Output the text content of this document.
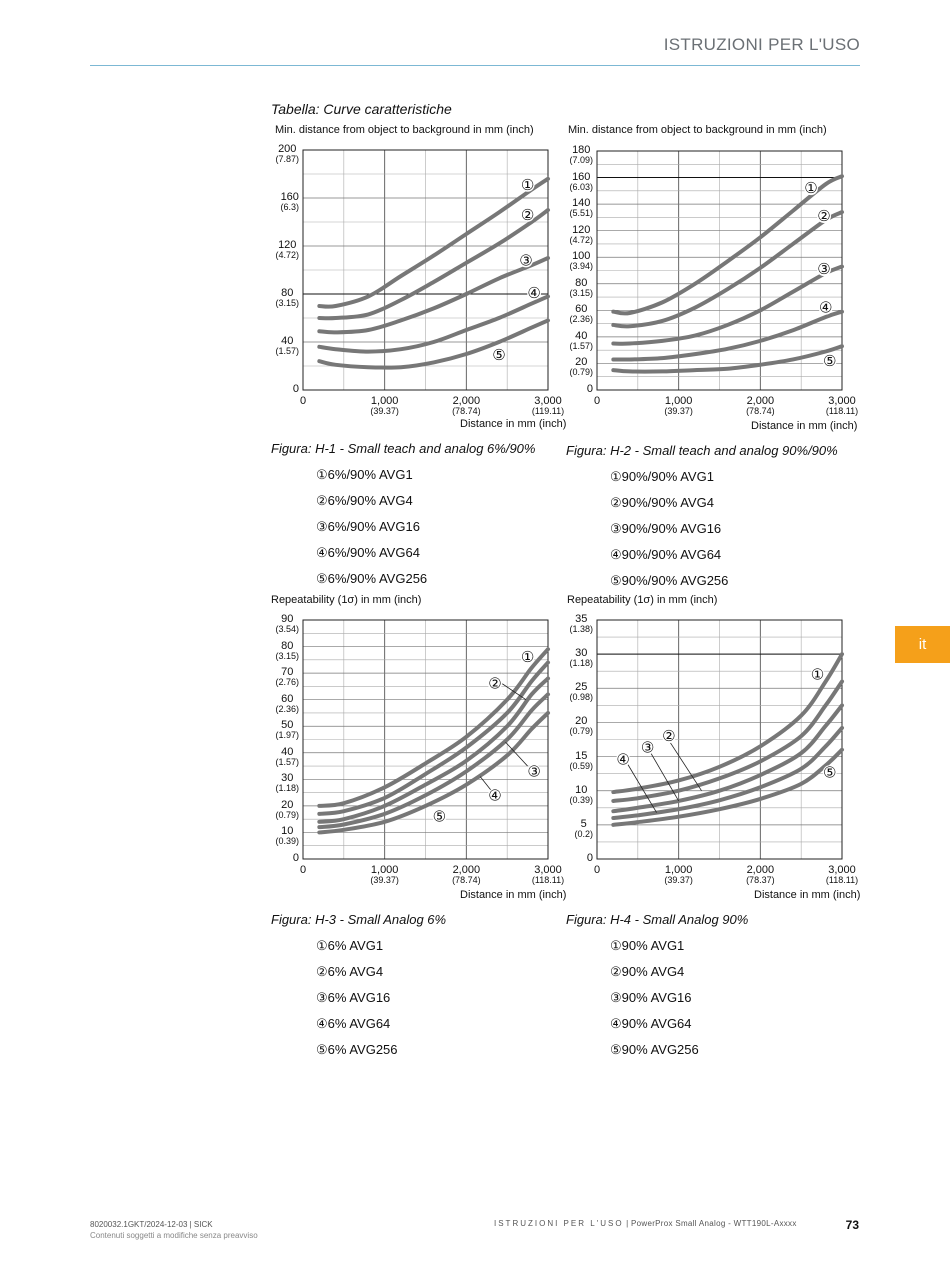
ISTRUZIONI PER L'USO
it
Tabella: Curve caratteristiche
Min. distance from object to background in mm (inch)
Distance in mm (inch)
Figura: H-1 - Small teach and analog 6%/90%
①6%/90% AVG1
②6%/90% AVG4
③6%/90% AVG16
④6%/90% AVG64
⑤6%/90% AVG256
Min. distance from object to background in mm (inch)
Distance in mm (inch)
Figura: H-2 - Small teach and analog 90%/90%
①90%/90% AVG1
②90%/90% AVG4
③90%/90% AVG16
④90%/90% AVG64
⑤90%/90% AVG256
Repeatability (1σ) in mm (inch)
Distance in mm (inch)
Figura: H-3 - Small Analog 6%
①6% AVG1
②6% AVG4
③6% AVG16
④6% AVG64
⑤6% AVG256
Repeatability (1σ) in mm (inch)
Distance in mm (inch)
Figura: H-4 - Small Analog 90%
①90% AVG1
②90% AVG4
③90% AVG16
④90% AVG64
⑤90% AVG256
8020032.1GKT/2024-12-03 | SICK
Contenuti soggetti a modifiche senza preavviso
ISTRUZIONI PER L'USO | PowerProx Small Analog - WTT190L-Axxxx	73
①
②
③
④
⑤
0
40
(1.57)
80
(3.15)
120
(4.72)
160
(6.3)
200
(7.87)
0	1,000
(39.37)
2,000
(78.74)
3,000
(119.11)
①
②
③
④
⑤
0
20
(0.79)
40
(1.57)
60
(2.36)
80
(3.15)
100
(3.94)
120
(4.72)
140
(5.51)
160
(6.03)
180
(7.09)
0	1,000
(39.37)
2,000
(78.74)
3,000
(118.11)
①
②
③
④
⑤
0
10
(0.39)
20
(0.79)
30
(1.18)
40
(1.57)
50
(1.97)
60
(2.36)
70
(2.76)
80
(3.15)
90
(3.54)
0	1,000
(39.37)
2,000
(78.74)
3,000
(118.11)
①
②
③
④
⑤
0
5
(0.2)
10
(0.39)
15
(0.59)
20
(0.79)
25
(0.98)
30
(1.18)
35
(1.38)
0	1,000
(39.37)
2,000
(78.37)
3,000
(118.11)
